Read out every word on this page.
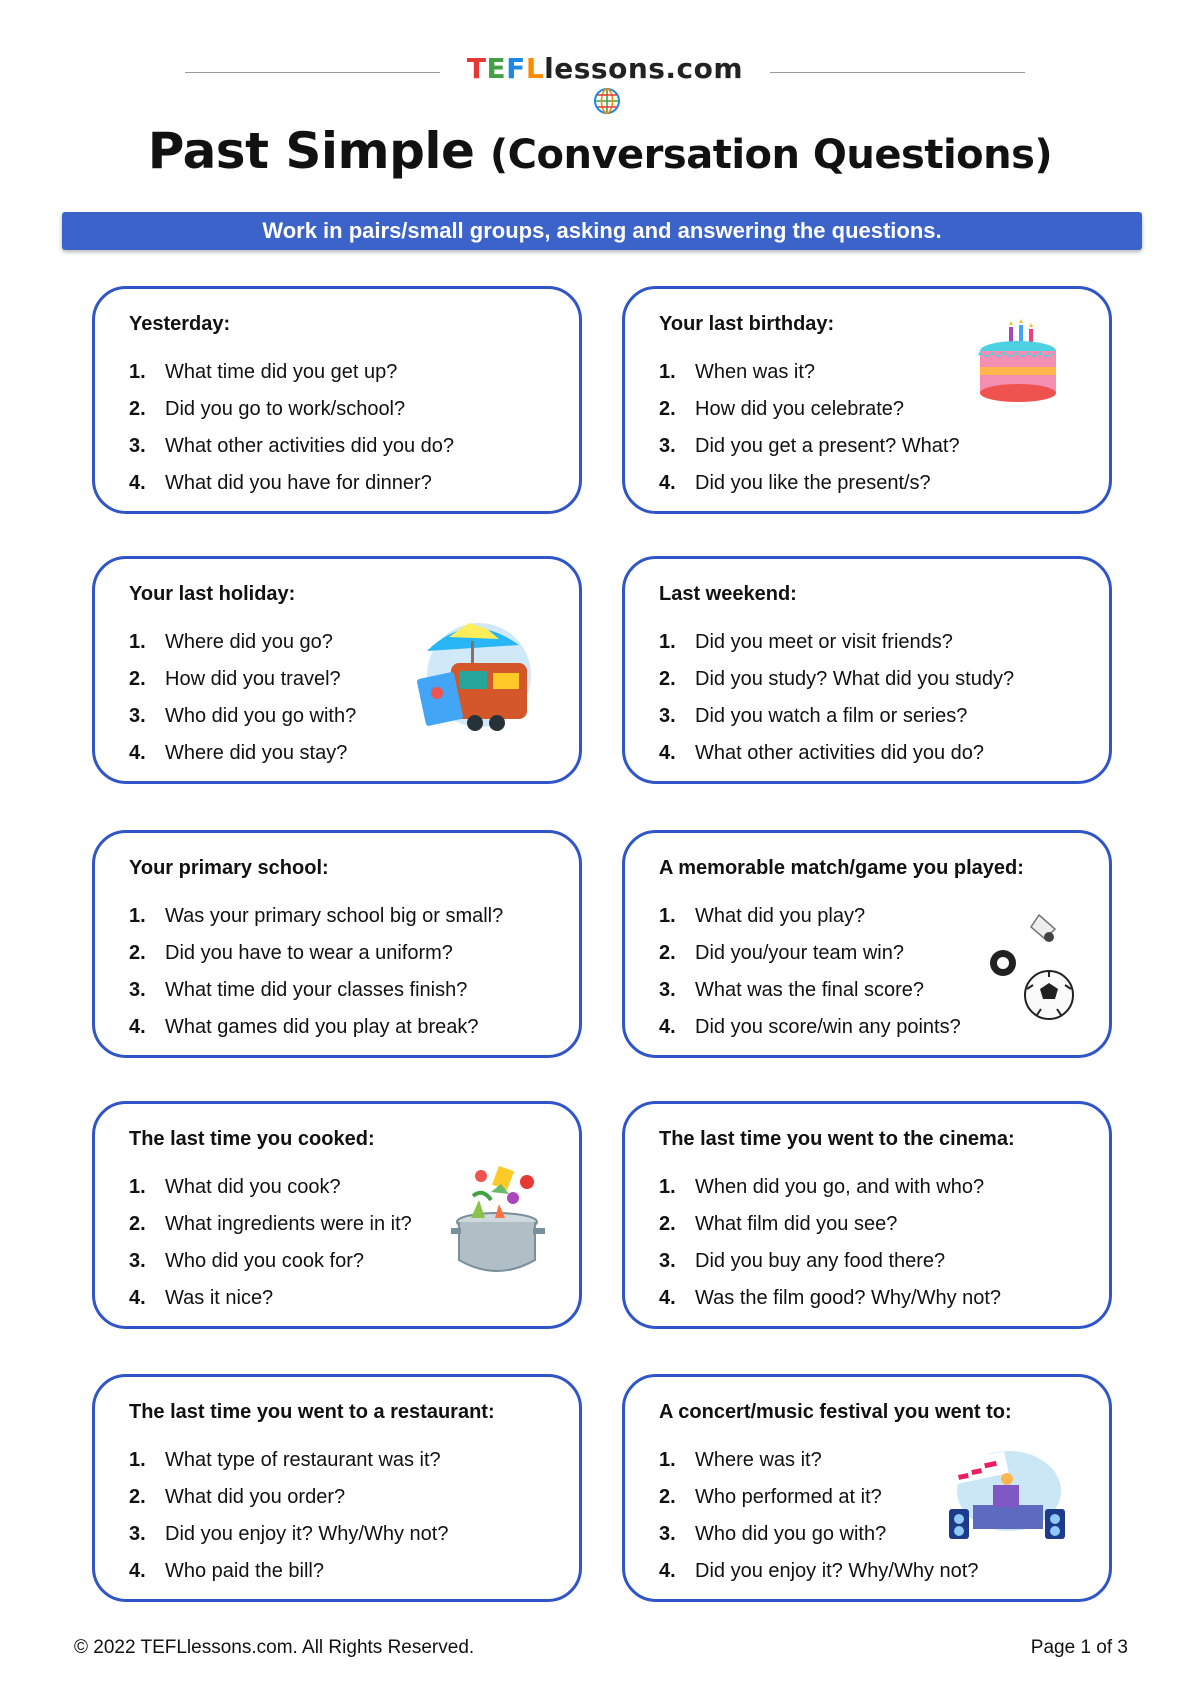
TEFLlessons.com
Past Simple (Conversation Questions)
Work in pairs/small groups, asking and answering the questions.
Yesterday:
1. What time did you get up?
2. Did you go to work/school?
3. What other activities did you do?
4. What did you have for dinner?
Your last birthday:
1. When was it?
2. How did you celebrate?
3. Did you get a present? What?
4. Did you like the present/s?
Your last holiday:
1. Where did you go?
2. How did you travel?
3. Who did you go with?
4. Where did you stay?
Last weekend:
1. Did you meet or visit friends?
2. Did you study? What did you study?
3. Did you watch a film or series?
4. What other activities did you do?
Your primary school:
1. Was your primary school big or small?
2. Did you have to wear a uniform?
3. What time did your classes finish?
4. What games did you play at break?
A memorable match/game you played:
1. What did you play?
2. Did you/your team win?
3. What was the final score?
4. Did you score/win any points?
The last time you cooked:
1. What did you cook?
2. What ingredients were in it?
3. Who did you cook for?
4. Was it nice?
The last time you went to the cinema:
1. When did you go, and with who?
2. What film did you see?
3. Did you buy any food there?
4. Was the film good? Why/Why not?
The last time you went to a restaurant:
1. What type of restaurant was it?
2. What did you order?
3. Did you enjoy it? Why/Why not?
4. Who paid the bill?
A concert/music festival you went to:
1. Where was it?
2. Who performed at it?
3. Who did you go with?
4. Did you enjoy it? Why/Why not?
© 2022 TEFLlessons.com. All Rights Reserved.	Page 1 of 3
